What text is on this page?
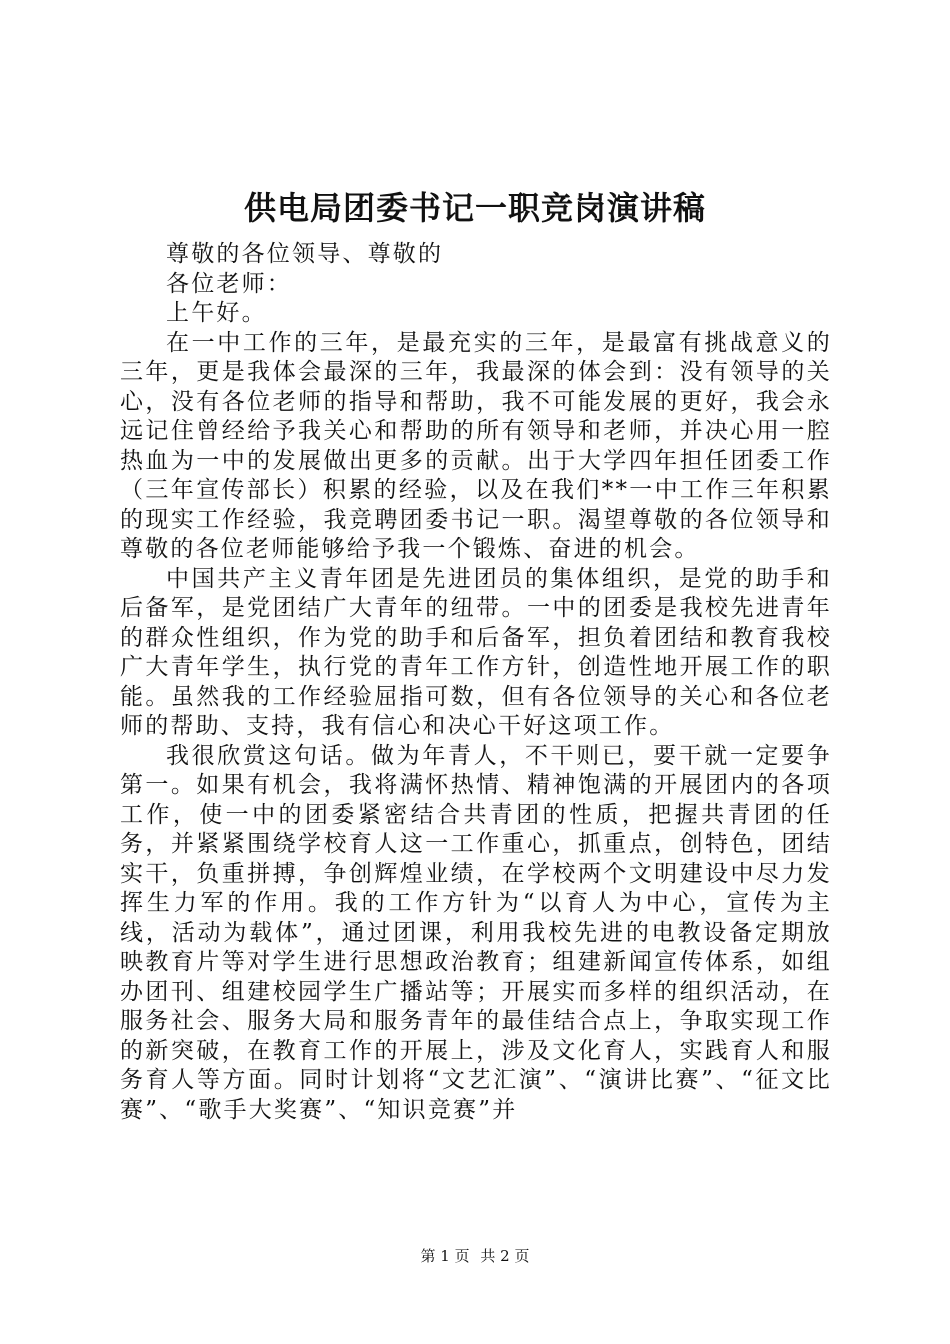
供电局团委书记一职竞岗演讲稿

尊敬的各位领导、尊敬的

各位老师：

上午好。

在一中工作的三年，是最充实的三年，是最富有挑战意义的三年，更是我体会最深的三年，我最深的体会到：没有领导的关心，没有各位老师的指导和帮助，我不可能发展的更好，我会永远记住曾经给予我关心和帮助的所有领导和老师，并决心用一腔热血为一中的发展做出更多的贡献。出于大学四年担任团委工作（三年宣传部长）积累的经验，以及在我们**一中工作三年积累的现实工作经验，我竞聘团委书记一职。渴望尊敬的各位领导和尊敬的各位老师能够给予我一个锻炼、奋进的机会。

中国共产主义青年团是先进团员的集体组织，是党的助手和后备军，是党团结广大青年的纽带。一中的团委是我校先进青年的群众性组织，作为党的助手和后备军，担负着团结和教育我校广大青年学生，执行党的青年工作方针，创造性地开展工作的职能。虽然我的工作经验屈指可数，但有各位领导的关心和各位老师的帮助、支持，我有信心和决心干好这项工作。

我很欣赏这句话。做为年青人，不干则已，要干就一定要争第一。如果有机会，我将满怀热情、精神饱满的开展团内的各项工作，使一中的团委紧密结合共青团的性质，把握共青团的任务，并紧紧围绕学校育人这一工作重心，抓重点，创特色，团结实干，负重拼搏，争创辉煌业绩，在学校两个文明建设中尽力发挥生力军的作用。我的工作方针为“以育人为中心，宣传为主线，活动为载体”，通过团课，利用我校先进的电教设备定期放映教育片等对学生进行思想政治教育；组建新闻宣传体系，如组办团刊、组建校园学生广播站等；开展实而多样的组织活动，在服务社会、服务大局和服务青年的最佳结合点上，争取实现工作的新突破，在教育工作的开展上，涉及文化育人，实践育人和服务育人等方面。同时计划将“文艺汇演”、“演讲比赛”、“征文比赛”、“歌手大奖赛”、“知识竞赛”并

第 1 页 共 2 页
